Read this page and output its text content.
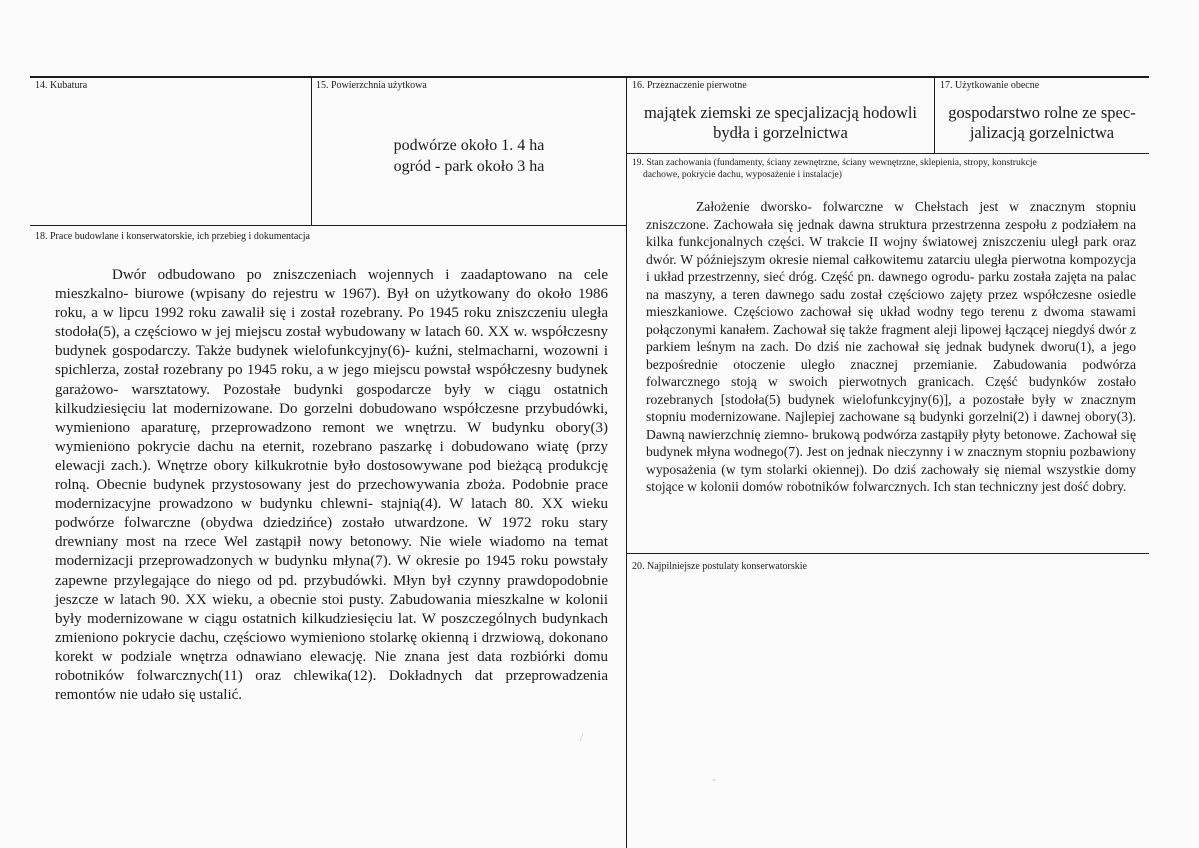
14. Kubatura	15. Powierzchnia użytkowa
podwórze około 1. 4 ha
ogród - park około 3 ha
16. Przeznaczenie pierwotne
majątek ziemski ze specjalizacją hodowli
bydła i gorzelnictwa
17. Użytkowanie obecne
gospodarstwo rolne ze spec-
jalizacją gorzelnictwa
18. Prace budowlane i konserwatorskie, ich przebieg i dokumentacja

Dwór odbudowano po zniszczeniach wojennych i zaadaptowano na cele mieszkalno- biurowe (wpisany do rejestru w 1967). Był on użytkowany do około 1986 roku, a w lipcu 1992 roku zawalił się i został rozebrany. Po 1945 roku zniszczeniu uległa stodoła(5), a częściowo w jej miejscu został wybudowany w latach 60. XX w. współczesny budynek gospodarczy. Także budynek wielofunkcyjny(6)- kuźni, stelmacharni, wozowni i spichlerza, został rozebrany po 1945 roku, a w jego miejscu powstał współczesny budynek garażowo- warsztatowy. Pozostałe budynki gospodarcze były w ciągu ostatnich kilkudziesięciu lat modernizowane. Do gorzelni dobudowano współczesne przybudówki, wymieniono aparaturę, przeprowadzono remont we wnętrzu. W budynku obory(3) wymieniono pokrycie dachu na eternit, rozebrano paszarkę i dobudowano wiatę (przy elewacji zach.). Wnętrze obory kilkukrotnie było dostosowywane pod bieżącą produkcję rolną. Obecnie budynek przystosowany jest do przechowywania zboża. Podobnie prace modernizacyjne prowadzono w budynku chlewni- stajnią(4). W latach 80. XX wieku podwórze folwarczne (obydwa dziedzińce) zostało utwardzone. W 1972 roku stary drewniany most na rzece Wel zastąpił nowy betonowy. Nie wiele wiadomo na temat modernizacji przeprowadzonych w budynku młyna(7). W okresie po 1945 roku powstały zapewne przylegające do niego od pd. przybudówki. Młyn był czynny prawdopodobnie jeszcze w latach 90. XX wieku, a obecnie stoi pusty. Zabudowania mieszkalne w kolonii były modernizowane w ciągu ostatnich kilkudziesięciu lat. W poszczególnych budynkach zmieniono pokrycie dachu, częściowo wymieniono stolarkę okienną i drzwiową, dokonano korekt w podziale wnętrza odnawiano elewację. Nie znana jest data rozbiórki domu robotników folwarcznych(11) oraz chlewika(12). Dokładnych dat przeprowadzenia remontów nie udało się ustalić.

19. Stan zachowania (fundamenty, ściany zewnętrzne, ściany wewnętrzne, sklepienia, stropy, konstrukcje
dachowe, pokrycie dachu, wyposażenie i instalacje)

Założenie dworsko- folwarczne w Chełstach jest w znacznym stopniu zniszczone. Zachowała się jednak dawna struktura przestrzenna zespołu z podziałem na kilka funkcjonalnych części. W trakcie II wojny światowej zniszczeniu uległ park oraz dwór. W późniejszym okresie niemal całkowitemu zatarciu uległa pierwotna kompozycja i układ przestrzenny, sieć dróg. Część pn. dawnego ogrodu- parku została zajęta na palac na maszyny, a teren dawnego sadu został częściowo zajęty przez współczesne osiedle mieszkaniowe. Częściowo zachował się układ wodny tego terenu z dwoma stawami połączonymi kanałem. Zachował się także fragment aleji lipowej łączącej niegdyś dwór z parkiem leśnym na zach. Do dziś nie zachował się jednak budynek dworu(1), a jego bezpośrednie otoczenie uległo znacznej przemianie. Zabudowania podwórza folwarcznego stoją w swoich pierwotnych granicach. Część budynków zostało rozebranych [stodoła(5) budynek wielofunkcyjny(6)], a pozostałe były w znacznym stopniu modernizowane. Najlepiej zachowane są budynki gorzelni(2) i dawnej obory(3). Dawną nawierzchnię ziemno- brukową podwórza zastąpiły płyty betonowe. Zachował się budynek młyna wodnego(7). Jest on jednak nieczynny i w znacznym stopniu pozbawiony wyposażenia (w tym stolarki okiennej). Do dziś zachowały się niemal wszystkie domy stojące w kolonii domów robotników folwarcznych. Ich stan techniczny jest dość dobry.

20. Najpilniejsze postulaty konserwatorskie
/
-
